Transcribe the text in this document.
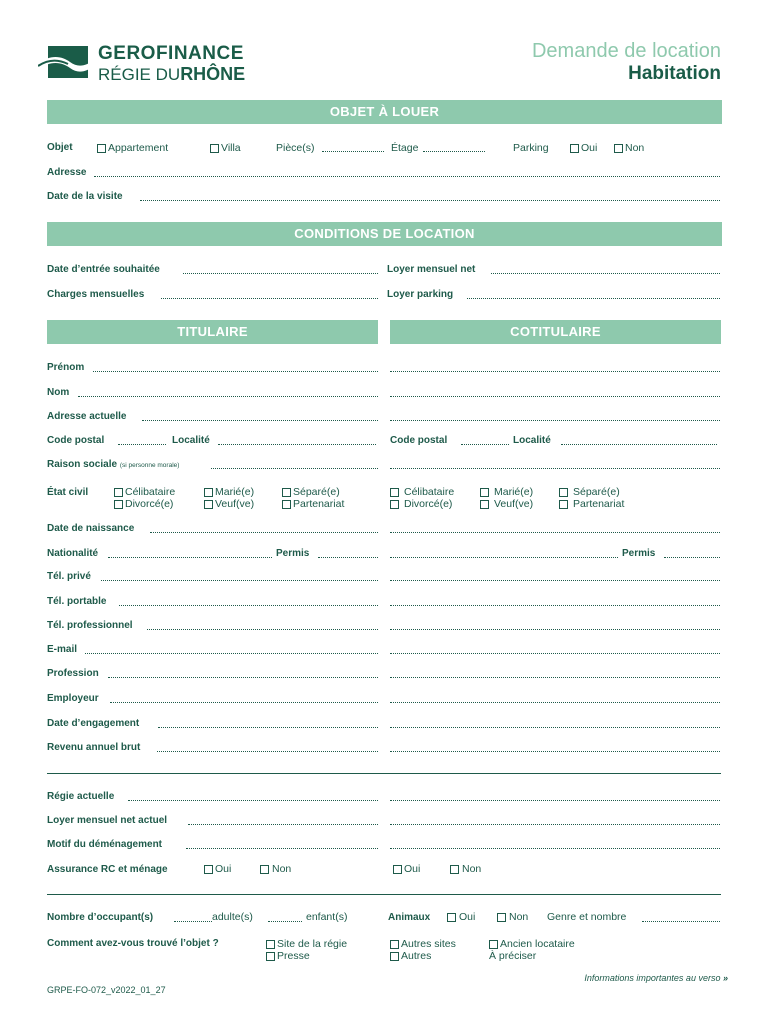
GEROFINANCE
RÉGIE DURHÔNE
Demande de location
Habitation
OBJET À LOUER
Objet	Appartement	Villa	Pièce(s)	Étage	Parking	Oui	Non
Adresse
Date de la visite
CONDITIONS DE LOCATION
Date d’entrée souhaitée	Loyer mensuel net
Charges mensuelles	Loyer parking
TITULAIRE	COTITULAIRE
Prénom
Nom
Adresse actuelle
Code postal	Localité	Code postal	Localité
Raison sociale (si personne morale)
État civil	Célibataire	Marié(e)	Séparé(e)
Divorcé(e)	Veuf(ve)	Partenariat
Célibataire	Marié(e)	Séparé(e)
Divorcé(e)	Veuf(ve)	Partenariat
Date de naissance
Nationalité	Permis	Permis
Tél. privé
Tél. portable
Tél. professionnel
E-mail
Profession
Employeur
Date d’engagement
Revenu annuel brut
Régie actuelle
Loyer mensuel net actuel
Motif du déménagement
Assurance RC et ménage	Oui	Non	Oui	Non
Nombre d’occupant(s)	adulte(s)	enfant(s)	Animaux	Oui	Non Genre et nombre
Comment avez-vous trouvé l’objet ?	Site de la régie
Presse
Autres sites
Autres
Ancien locataire
À préciser
Informations importantes au verso »
GRPE-FO-072_v2022_01_27
